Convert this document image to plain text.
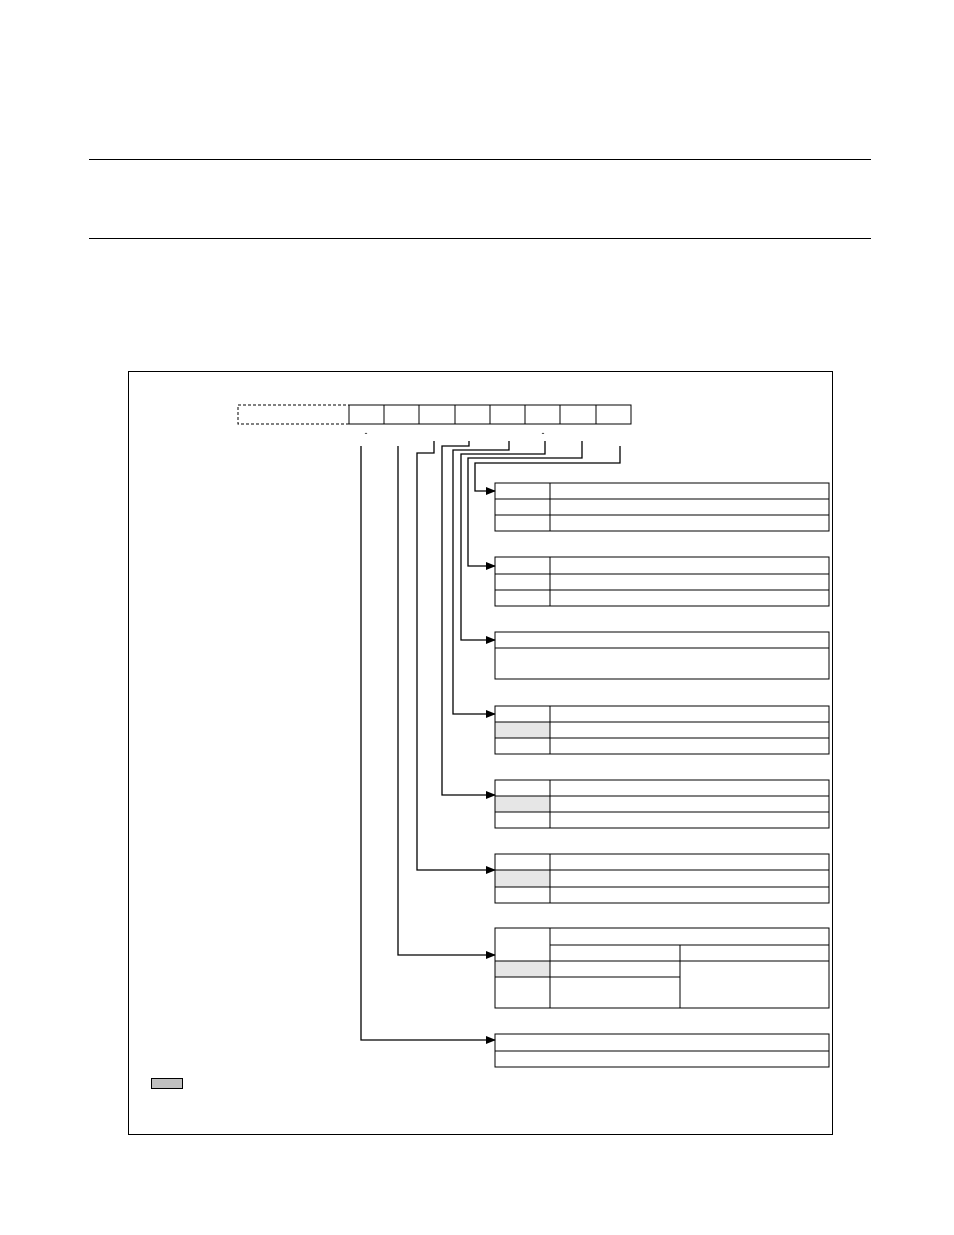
-	-
